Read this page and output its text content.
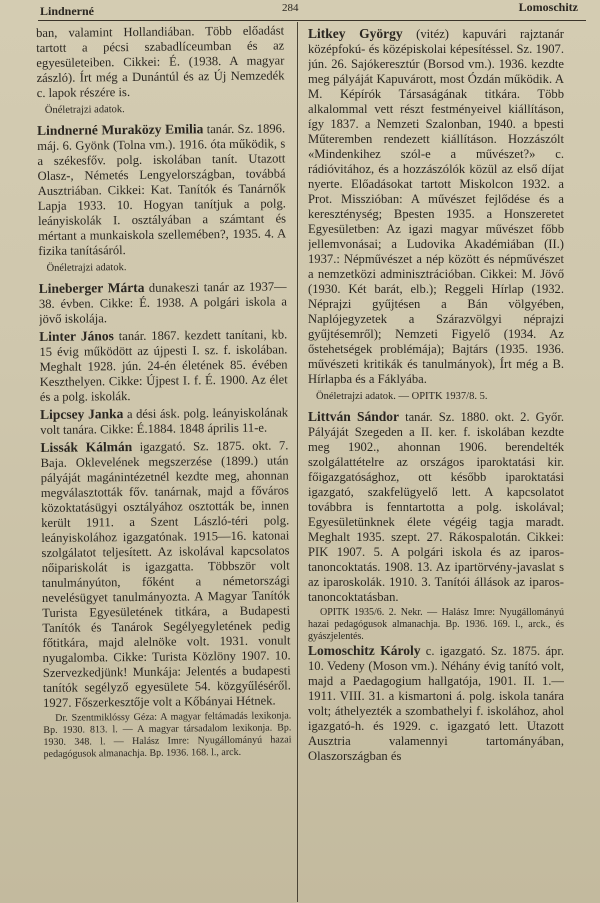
Lindnerné	284	Lomoschitz

ban, valamint Hollandiában. Több előadást tartott a pécsi szabadlíceumban és az egyesületeiben. Cikkei: É. (1938. A magyar zászló). Írt még a Dunántúl és az Új Nemzedék c. lapok részére is.

Önéletrajzi adatok.

Lindnerné Muraközy Emilia tanár. Sz. 1896. máj. 6. Gyönk (Tolna vm.). 1916. óta működik, s a székesfőv. polg. iskolában tanít. Utazott Olasz-, Németés Lengyelországban, továbbá Ausztriában. Cikkei: Kat. Tanítók és Tanárnők Lapja 1933. 10. Hogyan tanítjuk a polg. leányiskolák I. osztályában a számtant és mértant a munkaiskola szellemében?, 1935. 4. A fizika tanításáról.

Önéletrajzi adatok.

Lineberger Márta dunakeszi tanár az 1937—38. évben. Cikke: É. 1938. A polgári iskola a jövő iskolája.

Linter János tanár. 1867. kezdett tanítani, kb. 15 évig működött az újpesti I. sz. f. iskolában. Meghalt 1928. jún. 24-én életének 85. évében Keszthelyen. Cikke: Újpest I. f. É. 1900. Az élet és a polg. iskolák.

Lipcsey Janka a dési ásk. polg. leányiskolának volt tanára. Cikke: É.1884. 1848 április 11-e.

Lissák Kálmán igazgató. Sz. 1875. okt. 7. Baja. Oklevelének megszerzése (1899.) után pályáját magánintézetnél kezdte meg, ahonnan megválasztották főv. tanárnak, majd a főváros közoktatásügyi osztályához osztották be, innen került 1911. a Szent László-téri polg. leányiskolához igazgatónak. 1915—16. katonai szolgálatot teljesített. Az iskolával kapcsolatos nőipariskolát is igazgatta. Többször volt tanulmányúton, főként a németországi nevelésügyet tanulmányozta. A Magyar Tanítók Turista Egyesületének titkára, a Budapesti Tanítók és Tanárok Segélyegyletének pedig főtitkára, majd alelnöke volt. 1931. vonult nyugalomba. Cikke: Turista Közlöny 1907. 10. Szervezkedjünk! Munkája: Jelentés a budapesti tanítók segélyző egyesülete 54. közgyűléséről. 1927. Főszerkesztője volt a Kőbányai Hétnek.

Dr. Szentmiklóssy Géza: A magyar feltámadás lexikonja. Bp. 1930. 813. l. — A magyar társadalom lexikonja. Bp. 1930. 348. l. — Halász Imre: Nyugállományú hazai pedagógusok almanachja. Bp. 1936. 168. l., arck.

Litkey György (vitéz) kapuvári rajztanár középfokú- és középiskolai képesítéssel. Sz. 1907. jún. 26. Sajókeresztúr (Borsod vm.). 1936. kezdte meg pályáját Kapuvárott, most Ózdán működik. A M. Képírók Társaságának titkára. Több alkalommal vett részt festményeivel kiállításon, így 1837. a Nemzeti Szalonban, 1940. a bpesti Műteremben rendezett kiállításon. Hozzászólt «Mindenkihez szól-e a művészet?» c. rádióvitához, és a hozzászólók közül az első díjat nyerte. Előadásokat tartott Miskolcon 1932. a Prot. Misszióban: A művészet fejlődése és a kereszténység; Bpesten 1935. a Honszeretet Egyesületben: Az igazi magyar művészet főbb jellemvonásai; a Ludovika Akadémiában (II.) 1937.: Népművészet a nép között és népművészet a nemzetközi adminisztrációban. Cikkei: M. Jövő (1930. Két barát, elb.); Reggeli Hírlap (1932. Néprajzi gyűjtésen a Bán völgyében, Naplójegyzetek a Szárazvölgyi néprajzi gyűjtésemről); Nemzeti Figyelő (1934. Az őstehetségek problémája); Bajtárs (1935. 1936. művészeti kritikák és tanulmányok), Írt még a B. Hírlapba és a Fáklyába.

Önéletrajzi adatok. — OPITK 1937/8. 5.

Littván Sándor tanár. Sz. 1880. okt. 2. Győr. Pályáját Szegeden a II. ker. f. iskolában kezdte meg 1902., ahonnan 1906. berendelték szolgálattételre az országos iparoktatási kir. főigazgatósághoz, ott később iparoktatási igazgató, szakfelügyelő lett. A kapcsolatot továbbra is fenntartotta a polg. iskolával; Egyesületünknek élete végéig tagja maradt. Meghalt 1935. szept. 27. Rákospalotán. Cikkei: PIK 1907. 5. A polgári iskola és az iparos-tanoncoktatás. 1908. 13. Az ipartörvény-javaslat s az iparoskolák. 1910. 3. Tanítói állások az iparos-tanoncoktatásban.

OPITK 1935/6. 2. Nekr. — Halász Imre: Nyugállományú hazai pedagógusok almanachja. Bp. 1936. 169. l., arck., és gyászjelentés.

Lomoschitz Károly c. igazgató. Sz. 1875. ápr. 10. Vedeny (Moson vm.). Néhány évig tanító volt, majd a Paedagogium hallgatója, 1901. II. 1.—1911. VIII. 31. a kismartoni á. polg. iskola tanára volt; áthelyezték a szombathelyi f. iskolához, ahol igazgató-h. és 1929. c. igazgató lett. Utazott Ausztria valamennyi tartományában, Olaszországban és
